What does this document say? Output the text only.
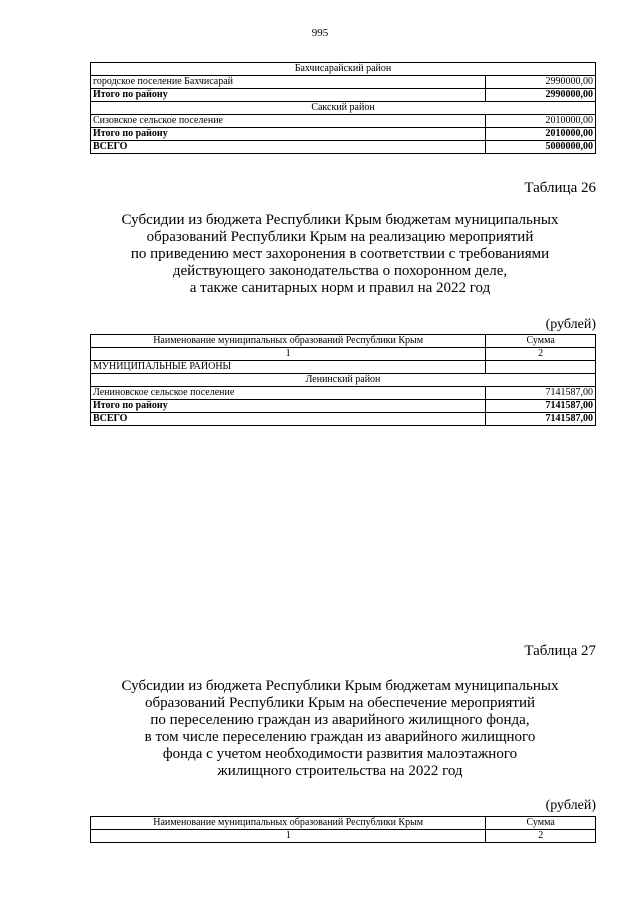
995
Бахчисарайский район	
городское поселение Бахчисарай	2990000,00
Итого по району	2990000,00
Сакский район	
Сизовское сельское поселение	2010000,00
Итого по району	2010000,00
ВСЕГО	5000000,00
Таблица 26
Субсидии из бюджета Республики Крым бюджетам муниципальных
образований Республики Крым на реализацию мероприятий
по приведению мест захоронения в соответствии с требованиями
действующего законодательства о похоронном деле,
а также санитарных норм и правил на 2022 год
(рублей)
Наименование муниципальных образований Республики Крым	Сумма
1	2
МУНИЦИПАЛЬНЫЕ РАЙОНЫ	
Ленинский район	
Лениновское сельское поселение	7141587,00
Итого по району	7141587,00
ВСЕГО	7141587,00
Таблица 27
Субсидии из бюджета Республики Крым бюджетам муниципальных
образований Республики Крым на обеспечение мероприятий
по переселению граждан из аварийного жилищного фонда,
в том числе переселению граждан из аварийного жилищного
фонда с учетом необходимости развития малоэтажного
жилищного строительства на 2022 год
(рублей)
Наименование муниципальных образований Республики Крым	Сумма
1	2
